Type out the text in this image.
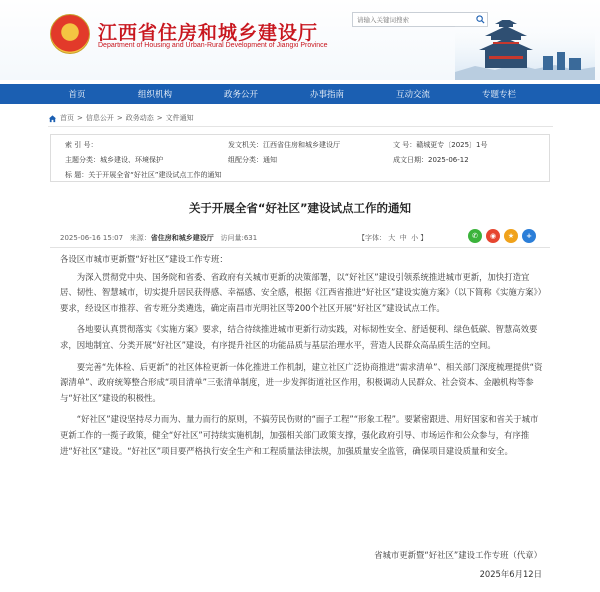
江西省住房和城乡建设厅
Department of Housing and Urban-Rural Development of Jiangxi Province
请输入关键词搜索
首页	组织机构	政务公开	办事指南	互动交流	专题专栏
首页 > 信息公开 > 政务动态 > 文件通知
索 引 号：	发文机关：江西省住房和城乡建设厅	文 号：赣城更专〔2025〕1号
主题分类：城乡建设、环境保护	组配分类：通知	成文日期：2025-06-12
标 题：关于开展全省“好社区”建设试点工作的通知
关于开展全省“好社区”建设试点工作的通知
2025-06-16 15:07 来源：省住房和城乡建设厅 访问量:631	【字体： 大 中 小 】	✆	◉	★	+

各设区市城市更新暨“好社区”建设工作专班：

为深入贯彻党中央、国务院和省委、省政府有关城市更新的决策部署，以“好社区”建设引领系统推进城市更新，加快打造宜居、韧性、智慧城市，切实提升居民获得感、幸福感、安全感，根据《江西省推进“好社区”建设实施方案》（以下简称《实施方案》）要求，经设区市推荐、省专班分类遴选，确定南昌市光明社区等200个社区开展“好社区”建设试点工作。

各地要认真贯彻落实《实施方案》要求，结合待续推进城市更新行动实践，对标韧性安全、舒适便利、绿色低碳、智慧高效要求，因地制宜、分类开展“好社区”建设，有序提升社区的功能品质与基层治理水平，营造人民群众高品质生活的空间。

要完善“先体检、后更新”的社区体检更新一体化推进工作机制，建立社区广泛协商推进“需求清单”、相关部门深度梳理提供“资源清单”、政府统筹整合形成“项目清单”三张清单制度，进一步发挥街道社区作用，积极调动人民群众、社会资本、金融机构等参与“好社区”建设的积极性。

“好社区”建设坚持尽力而为、量力而行的原则，不搞劳民伤财的“面子工程”“形象工程”。要紧密跟进、用好国家和省关于城市更新工作的一揽子政策，健全“好社区”可持续实施机制，加强相关部门政策支撑，强化政府引导、市场运作和公众参与，有序推进“好社区”建设。“好社区”项目要严格执行安全生产和工程质量法律法规，加强质量安全监管，确保项目建设质量和安全。

省城市更新暨“好社区”建设工作专班（代章）
2025年6月12日
